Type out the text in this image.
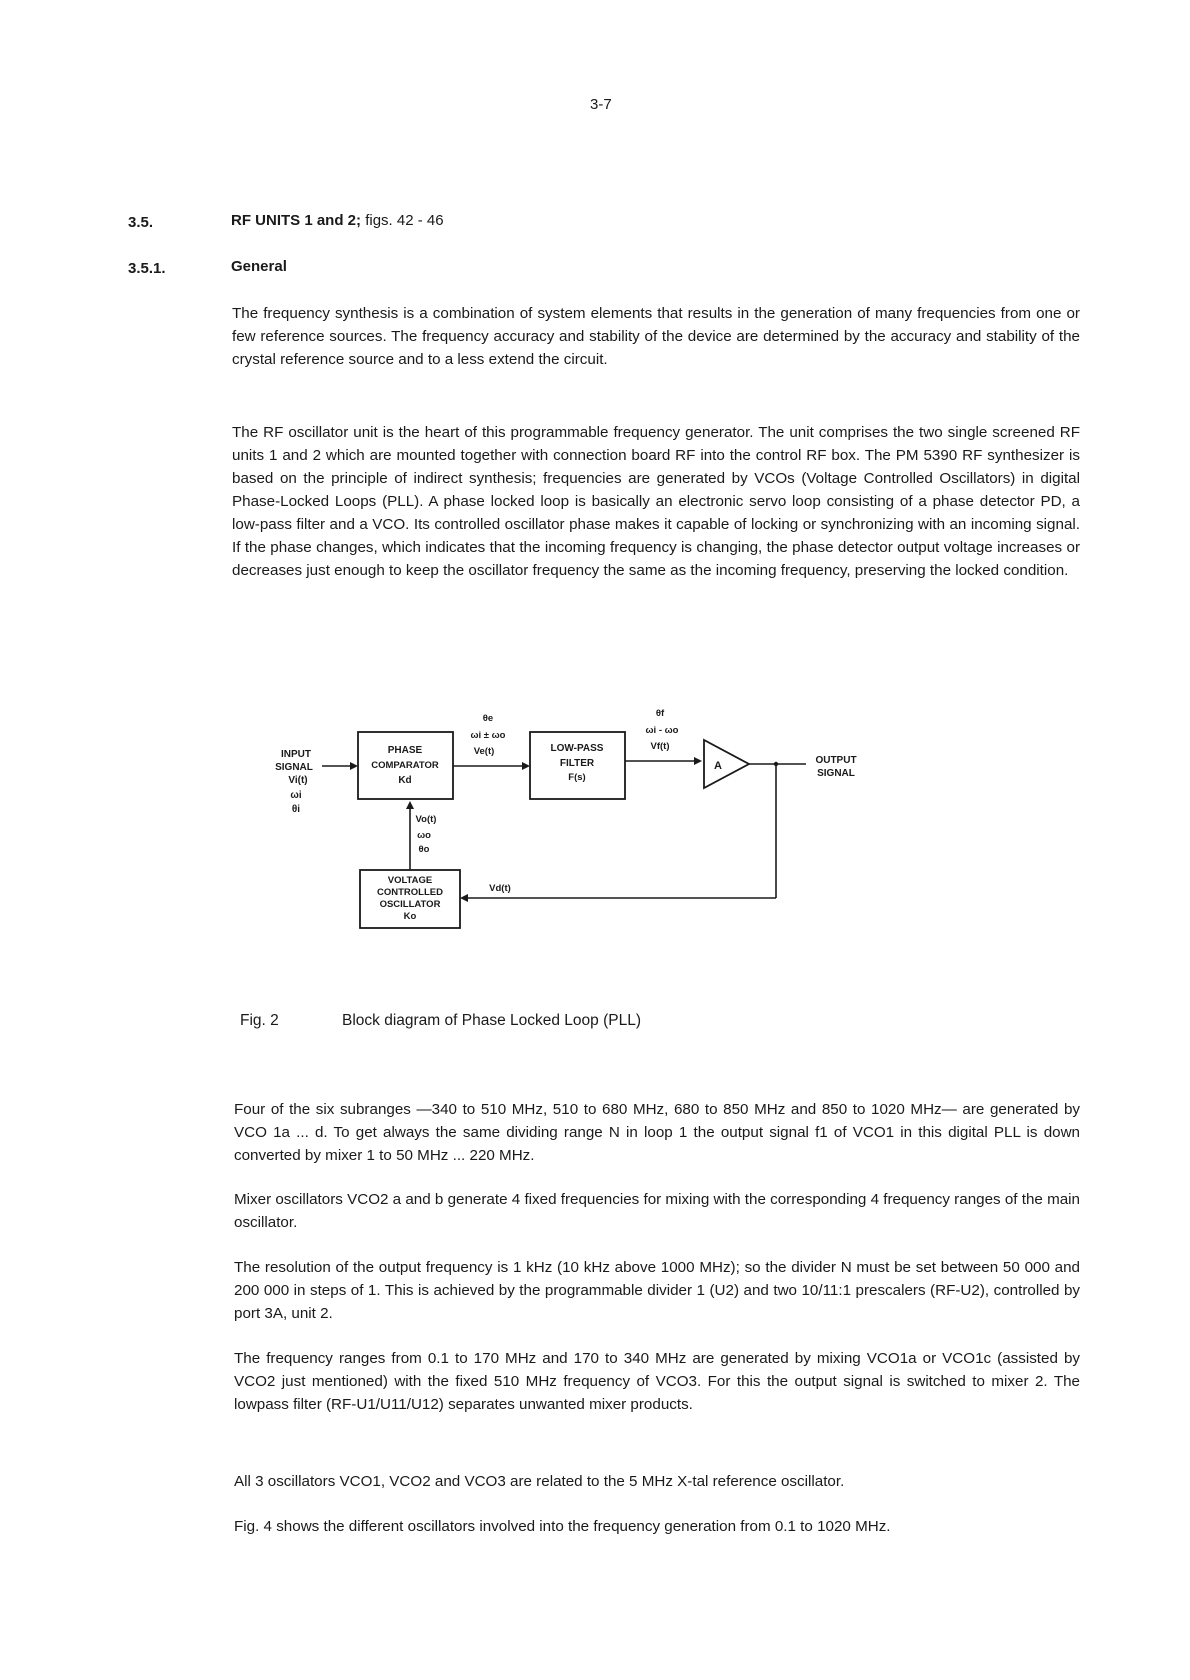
3-7
3.5.	RF UNITS 1 and 2; figs. 42 - 46
3.5.1.	General

The frequency synthesis is a combination of system elements that results in the generation of many frequencies from one or few reference sources. The frequency accuracy and stability of the device are determined by the accuracy and stability of the crystal reference source and to a less extend the circuit.

The RF oscillator unit is the heart of this programmable frequency generator. The unit comprises the two single screened RF units 1 and 2 which are mounted together with connection board RF into the control RF box. The PM 5390 RF synthesizer is based on the principle of indirect synthesis; frequencies are generated by VCOs (Voltage Controlled Oscillators) in digital Phase-Locked Loops (PLL). A phase locked loop is basically an electronic servo loop consisting of a phase detector PD, a low-pass filter and a VCO. Its controlled oscillator phase makes it capable of locking or synchronizing with an incoming signal. If the phase changes, which indicates that the incoming frequency is changing, the phase detector output voltage increases or decreases just enough to keep the oscillator frequency the same as the incoming frequency, preserving the locked condition.

INPUT
SIGNAL
Vi(t)
ωi
θi
PHASE
COMPARATOR
Kd
θe
ωi ± ωo
Ve(t)	LOW-PASS
FILTER
F(s)
θf
ωi - ωo
Vf(t)
A	OUTPUT
SIGNAL
Vd(t)
VOLTAGE
CONTROLLED
OSCILLATOR
Ko
Vo(t)
ωo
θo
Fig. 2	Block diagram of Phase Locked Loop (PLL)

Four of the six subranges —340 to 510 MHz, 510 to 680 MHz, 680 to 850 MHz and 850 to 1020 MHz— are generated by VCO 1a ... d. To get always the same dividing range N in loop 1 the output signal f1 of VCO1 in this digital PLL is down converted by mixer 1 to 50 MHz ... 220 MHz.

Mixer oscillators VCO2 a and b generate 4 fixed frequencies for mixing with the corresponding 4 frequency ranges of the main oscillator.

The resolution of the output frequency is 1 kHz (10 kHz above 1000 MHz); so the divider N must be set between 50 000 and 200 000 in steps of 1. This is achieved by the programmable divider 1 (U2) and two 10/11:1 prescalers (RF-U2), controlled by port 3A, unit 2.

The frequency ranges from 0.1 to 170 MHz and 170 to 340 MHz are generated by mixing VCO1a or VCO1c (assisted by VCO2 just mentioned) with the fixed 510 MHz frequency of VCO3. For this the output signal is switched to mixer 2. The lowpass filter (RF-U1/U11/U12) separates unwanted mixer products.

All 3 oscillators VCO1, VCO2 and VCO3 are related to the 5 MHz X-tal reference oscillator.

Fig. 4 shows the different oscillators involved into the frequency generation from 0.1 to 1020 MHz.
